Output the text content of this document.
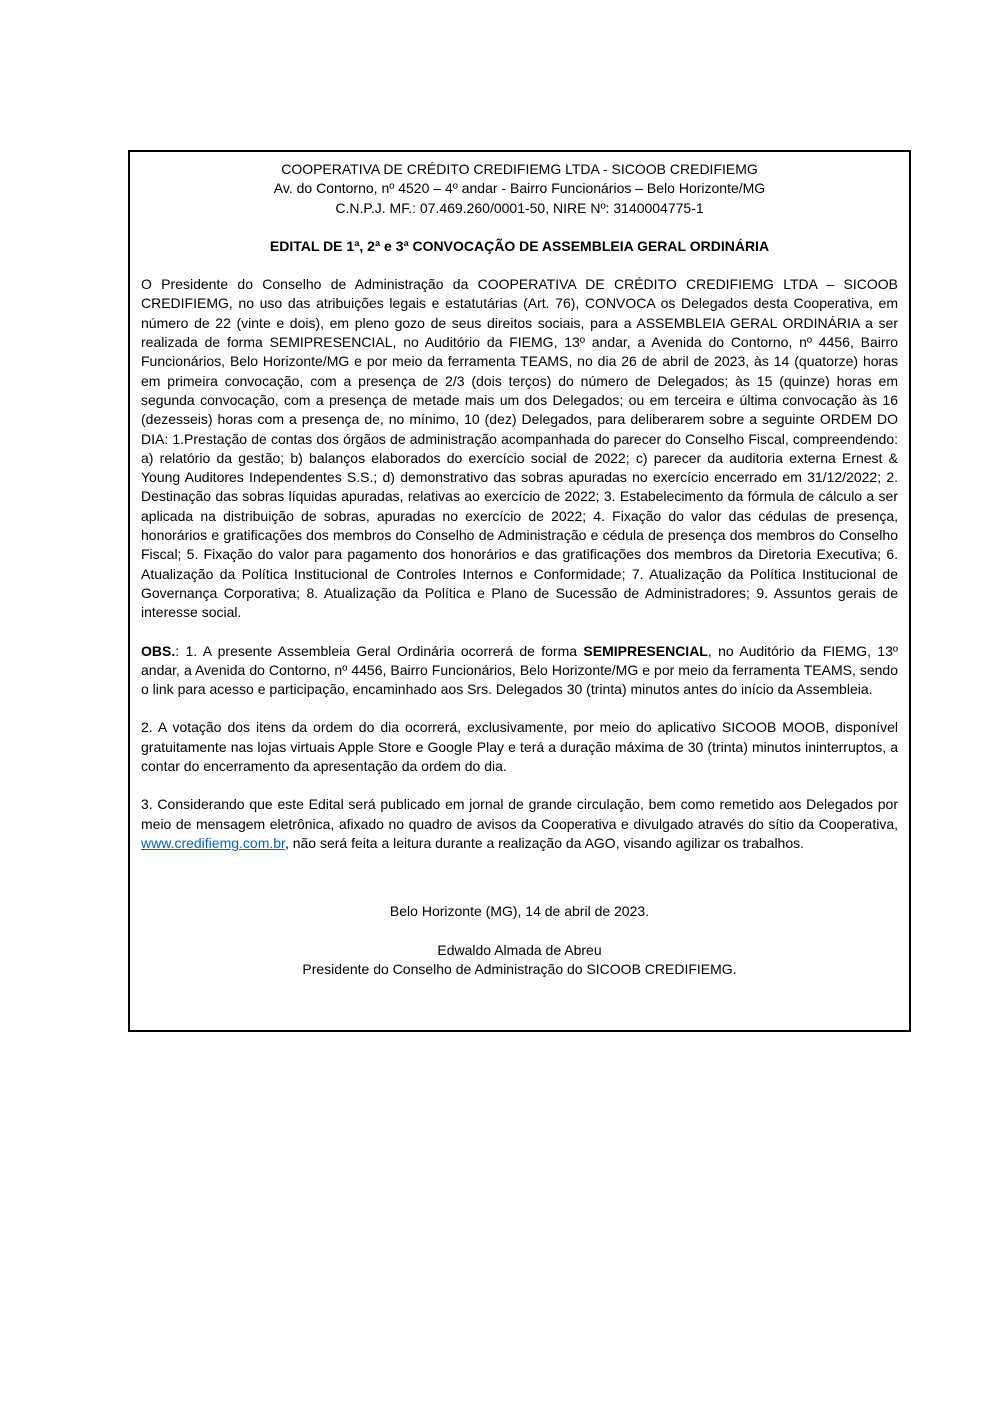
COOPERATIVA DE CRÉDITO CREDIFIEMG LTDA - SICOOB CREDIFIEMG
Av. do Contorno, nº 4520 – 4º andar - Bairro Funcionários – Belo Horizonte/MG
C.N.P.J. MF.: 07.469.260/0001-50, NIRE Nº: 3140004775-1
EDITAL DE 1ª, 2ª e 3ª CONVOCAÇÃO DE ASSEMBLEIA GERAL ORDINÁRIA

O Presidente do Conselho de Administração da COOPERATIVA DE CRÉDITO CREDIFIEMG LTDA – SICOOB CREDIFIEMG, no uso das atribuições legais e estatutárias (Art. 76), CONVOCA os Delegados desta Cooperativa, em número de 22 (vinte e dois), em pleno gozo de seus direitos sociais, para a ASSEMBLEIA GERAL ORDINÁRIA a ser realizada de forma SEMIPRESENCIAL, no Auditório da FIEMG, 13º andar, a Avenida do Contorno, nº 4456, Bairro Funcionários, Belo Horizonte/MG e por meio da ferramenta TEAMS, no dia 26 de abril de 2023, às 14 (quatorze) horas em primeira convocação, com a presença de 2/3 (dois terços) do número de Delegados; às 15 (quinze) horas em segunda convocação, com a presença de metade mais um dos Delegados; ou em terceira e última convocação às 16 (dezesseis) horas com a presença de, no mínimo, 10 (dez) Delegados, para deliberarem sobre a seguinte ORDEM DO DIA: 1.Prestação de contas dos órgãos de administração acompanhada do parecer do Conselho Fiscal, compreendendo: a) relatório da gestão; b) balanços elaborados do exercício social de 2022; c) parecer da auditoria externa Ernest & Young Auditores Independentes S.S.; d) demonstrativo das sobras apuradas no exercício encerrado em 31/12/2022; 2. Destinação das sobras líquidas apuradas, relativas ao exercício de 2022; 3. Estabelecimento da fórmula de cálculo a ser aplicada na distribuição de sobras, apuradas no exercício de 2022; 4. Fixação do valor das cédulas de presença, honorários e gratificações dos membros do Conselho de Administração e cédula de presença dos membros do Conselho Fiscal; 5. Fixação do valor para pagamento dos honorários e das gratificações dos membros da Diretoria Executiva; 6. Atualização da Política Institucional de Controles Internos e Conformidade; 7. Atualização da Política Institucional de Governança Corporativa; 8. Atualização da Política e Plano de Sucessão de Administradores; 9. Assuntos gerais de interesse social.

OBS.: 1. A presente Assembleia Geral Ordinária ocorrerá de forma SEMIPRESENCIAL, no Auditório da FIEMG, 13º andar, a Avenida do Contorno, nº 4456, Bairro Funcionários, Belo Horizonte/MG e por meio da ferramenta TEAMS, sendo o link para acesso e participação, encaminhado aos Srs. Delegados 30 (trinta) minutos antes do início da Assembleia.

2. A votação dos itens da ordem do dia ocorrerá, exclusivamente, por meio do aplicativo SICOOB MOOB, disponível gratuitamente nas lojas virtuais Apple Store e Google Play e terá a duração máxima de 30 (trinta) minutos ininterruptos, a contar do encerramento da apresentação da ordem do dia.

3. Considerando que este Edital será publicado em jornal de grande circulação, bem como remetido aos Delegados por meio de mensagem eletrônica, afixado no quadro de avisos da Cooperativa e divulgado através do sítio da Cooperativa, www.credifiemg.com.br, não será feita a leitura durante a realização da AGO, visando agilizar os trabalhos.

Belo Horizonte (MG), 14 de abril de 2023.
Edwaldo Almada de Abreu
Presidente do Conselho de Administração do SICOOB CREDIFIEMG.
